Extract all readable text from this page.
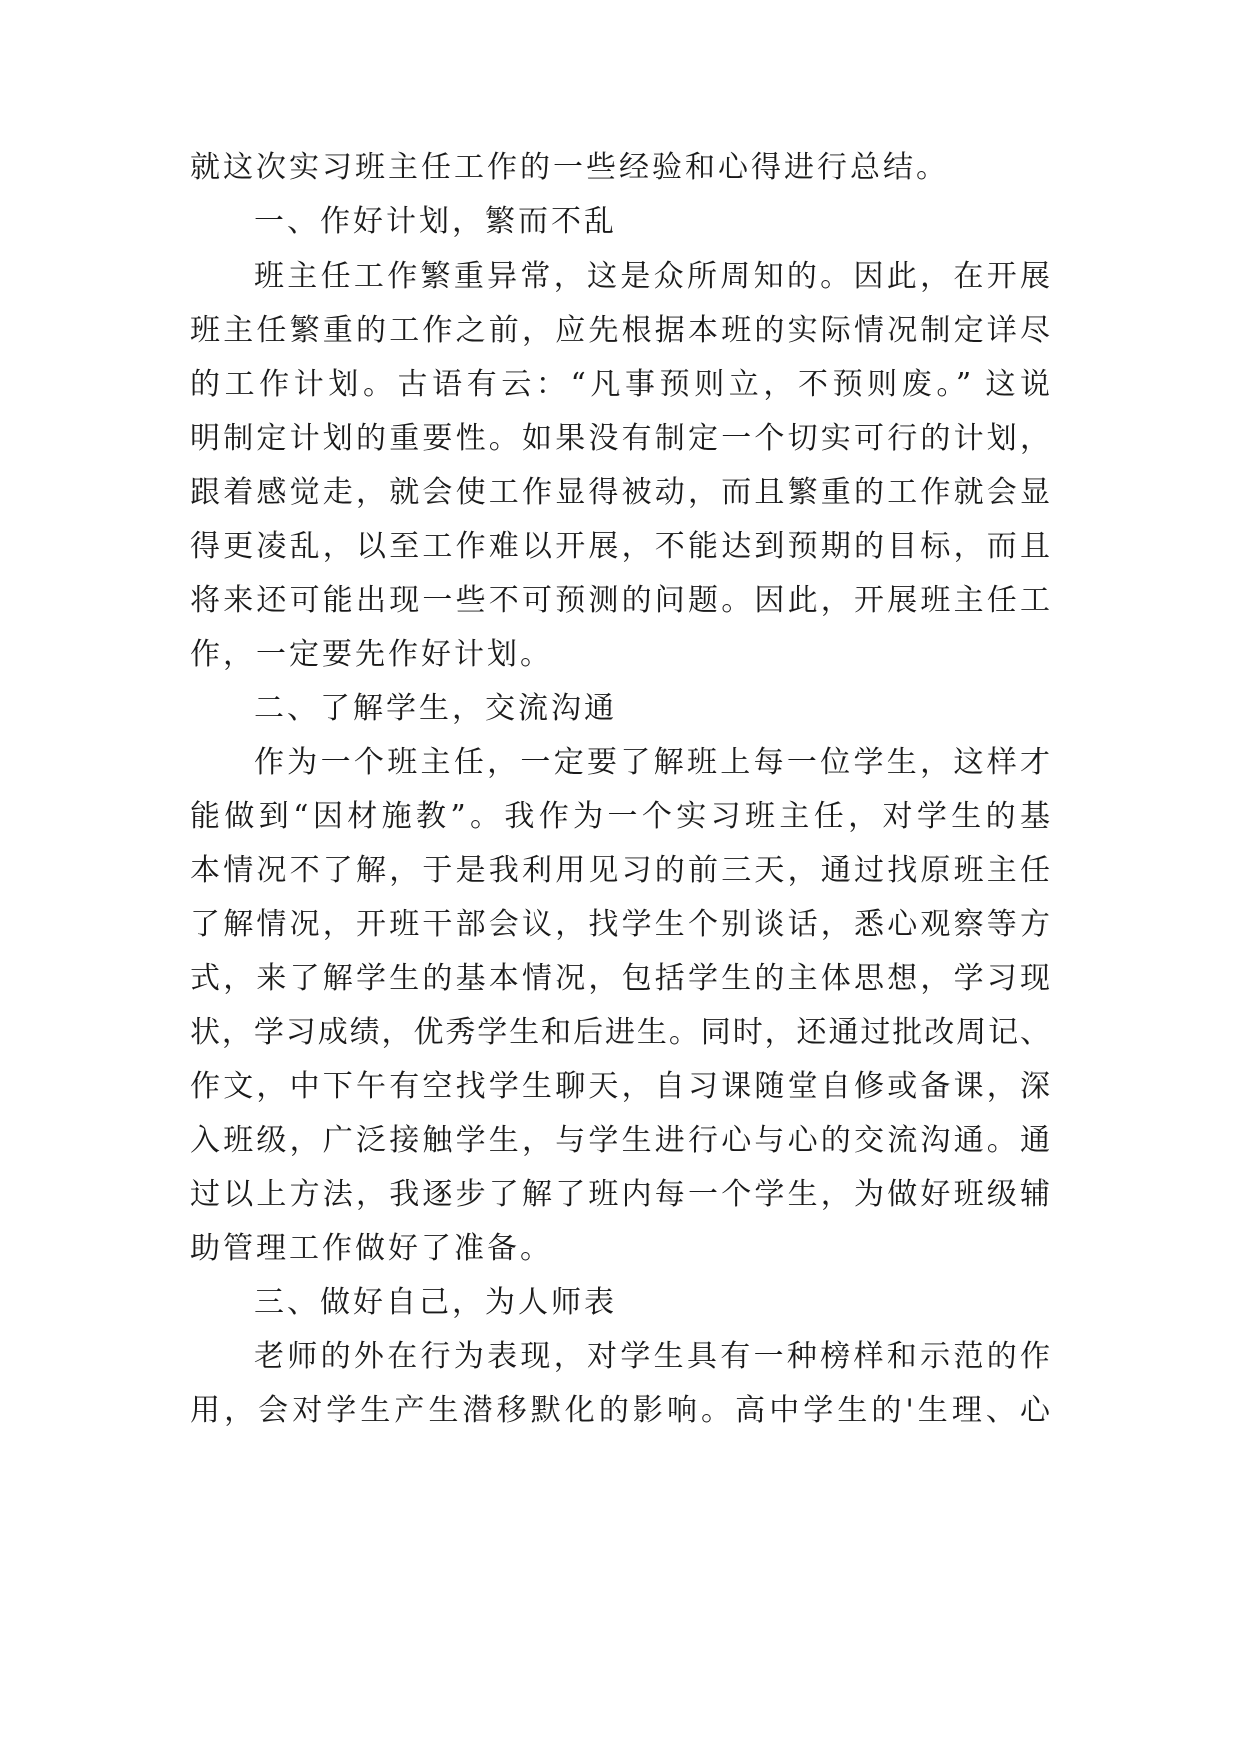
就这次实习班主任工作的一些经验和心得进行总结。
一、作好计划，繁而不乱
班主任工作繁重异常，这是众所周知的。因此，在开展
班主任繁重的工作之前，应先根据本班的实际情况制定详尽
的工作计划。古语有云：“凡事预则立，不预则废。” 这说
明制定计划的重要性。如果没有制定一个切实可行的计划，
跟着感觉走，就会使工作显得被动，而且繁重的工作就会显
得更凌乱，以至工作难以开展，不能达到预期的目标，而且
将来还可能出现一些不可预测的问题。因此，开展班主任工
作，一定要先作好计划。
二、了解学生，交流沟通
作为一个班主任，一定要了解班上每一位学生，这样才
能做到“因材施教”。我作为一个实习班主任，对学生的基
本情况不了解，于是我利用见习的前三天，通过找原班主任
了解情况，开班干部会议，找学生个别谈话，悉心观察等方
式，来了解学生的基本情况，包括学生的主体思想，学习现
状，学习成绩，优秀学生和后进生。同时，还通过批改周记、
作文，中下午有空找学生聊天，自习课随堂自修或备课，深
入班级，广泛接触学生，与学生进行心与心的交流沟通。通
过以上方法，我逐步了解了班内每一个学生，为做好班级辅
助管理工作做好了准备。
三、做好自己，为人师表
老师的外在行为表现，对学生具有一种榜样和示范的作
用，会对学生产生潜移默化的影响。高中学生的'生理、心
